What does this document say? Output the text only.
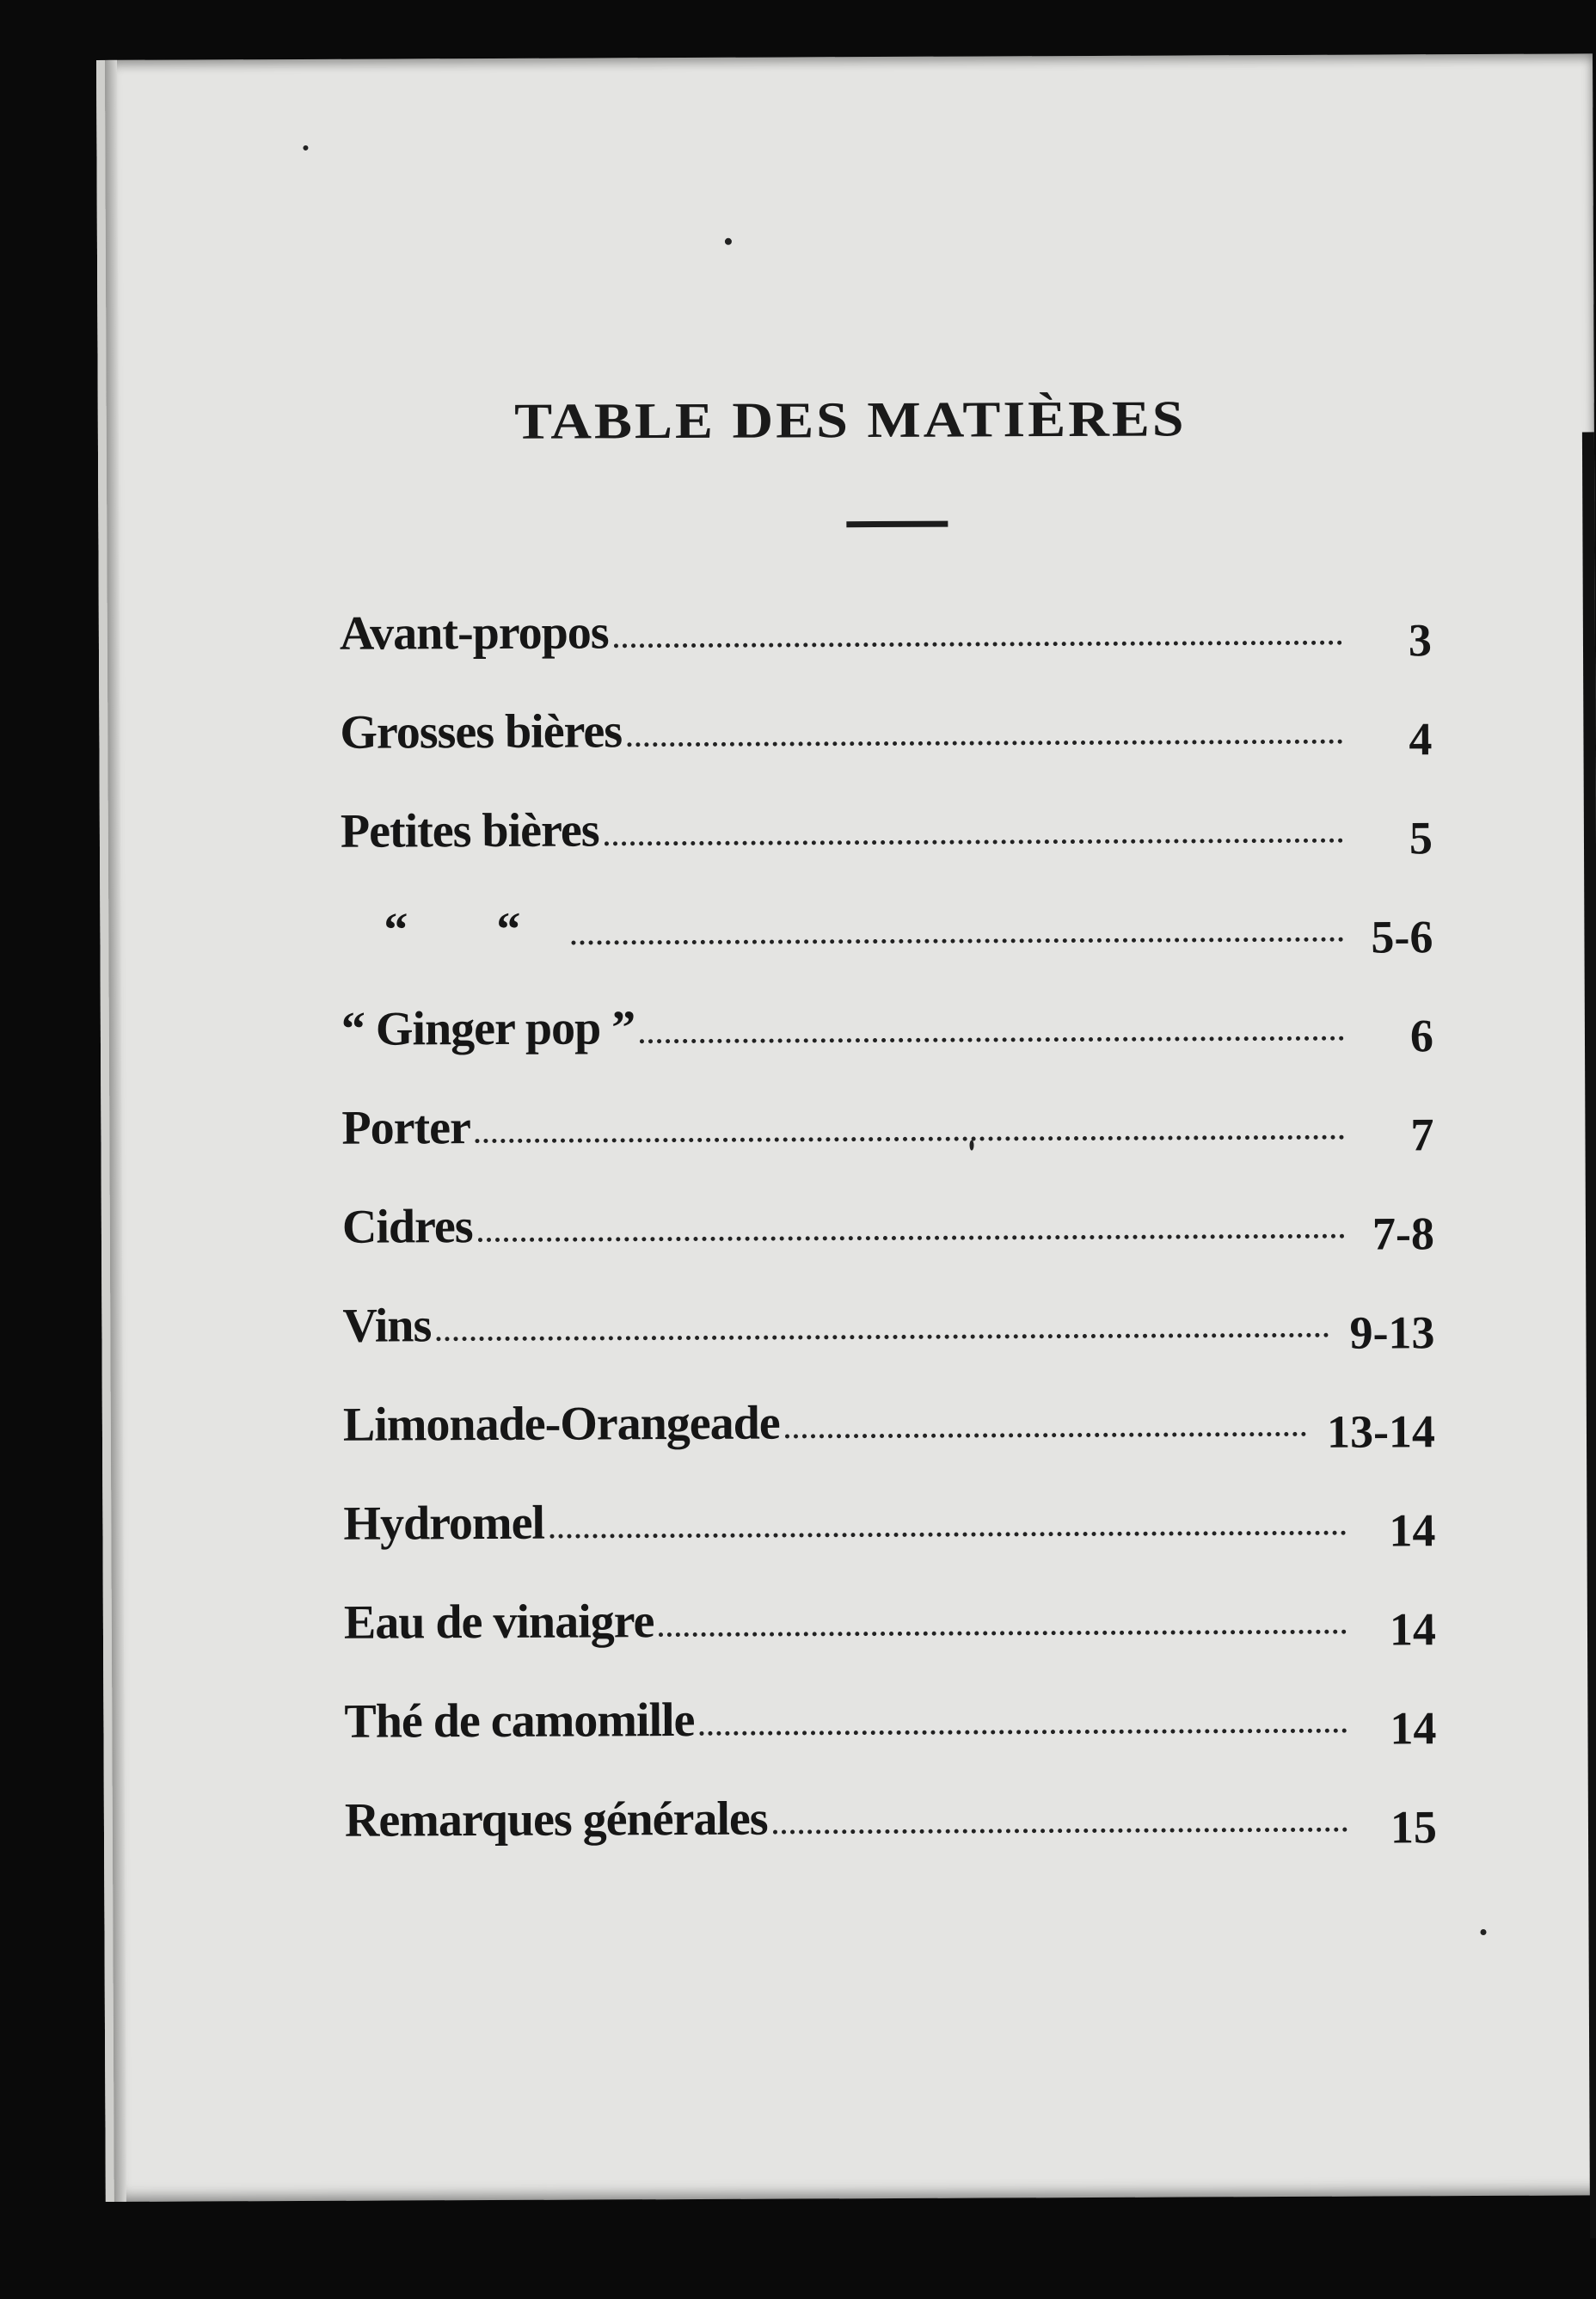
TABLE DES MATIÈRES
Avant-propos	3
Grosses bières	4
Petites bières	5
“        “	5-6
“ Ginger pop ”	6
Porter	7
Cidres	7-8
Vins	9-13
Limonade-Orangeade	13-14
Hydromel	14
Eau de vinaigre	14
Thé de camomille	14
Remarques générales	15
